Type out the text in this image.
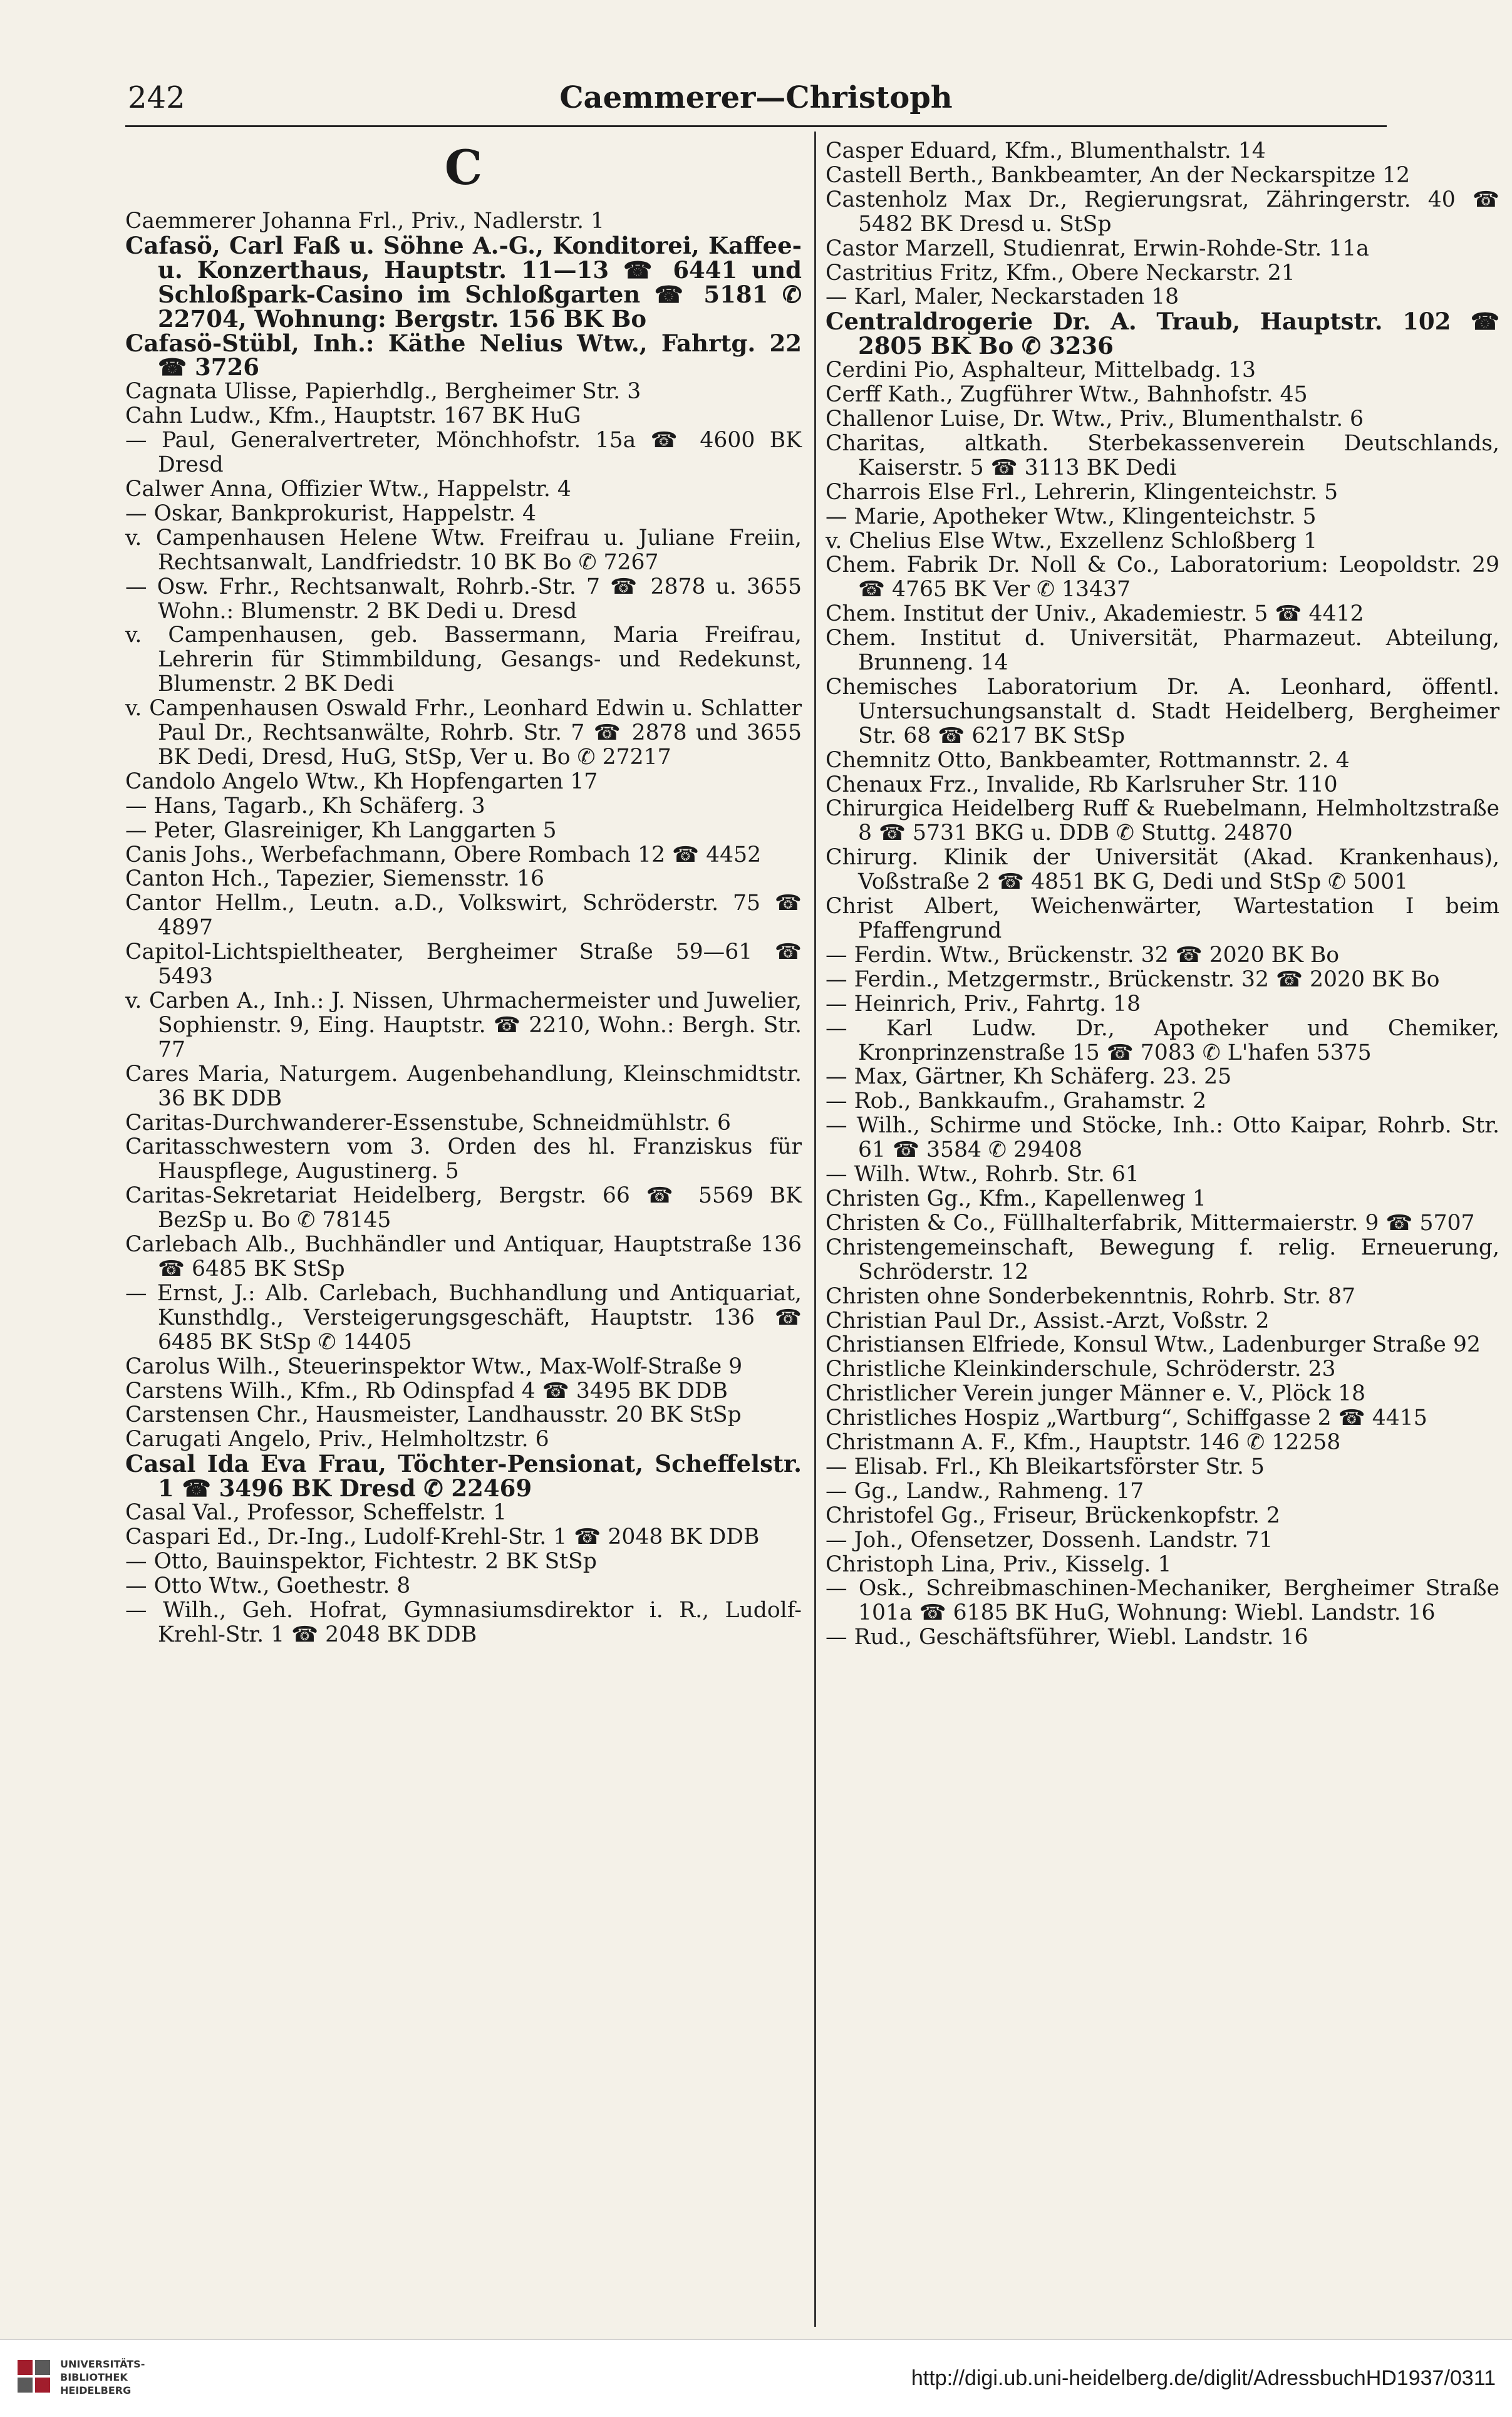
242	Caemmerer—Christoph
C

Caemmerer Johanna Frl., Priv., Nadlerstr. 1

Cafasö, Carl Faß u. Söhne A.-G., Konditorei, Kaffee- u. Konzerthaus, Hauptstr. 11—13 ☎ 6441 und Schloßpark-Casino im Schloßgarten ☎ 5181 ✆ 22704, Wohnung: Bergstr. 156 BK Bo

Cafasö-Stübl, Inh.: Käthe Nelius Wtw., Fahrtg. 22 ☎ 3726

Cagnata Ulisse, Papierhdlg., Bergheimer Str. 3

Cahn Ludw., Kfm., Hauptstr. 167 BK HuG

— Paul, Generalvertreter, Mönchhofstr. 15a ☎ 4600 BK Dresd

Calwer Anna, Offizier Wtw., Happelstr. 4

— Oskar, Bankprokurist, Happelstr. 4

v. Campenhausen Helene Wtw. Freifrau u. Juliane Freiin, Rechtsanwalt, Landfriedstr. 10 BK Bo ✆ 7267

— Osw. Frhr., Rechtsanwalt, Rohrb.-Str. 7 ☎ 2878 u. 3655 Wohn.: Blumenstr. 2 BK Dedi u. Dresd

v. Campenhausen, geb. Bassermann, Maria Freifrau, Lehrerin für Stimmbildung, Gesangs- und Redekunst, Blumenstr. 2 BK Dedi

v. Campenhausen Oswald Frhr., Leonhard Edwin u. Schlatter Paul Dr., Rechtsanwälte, Rohrb. Str. 7 ☎ 2878 und 3655 BK Dedi, Dresd, HuG, StSp, Ver u. Bo ✆ 27217

Candolo Angelo Wtw., Kh Hopfengarten 17

— Hans, Tagarb., Kh Schäferg. 3

— Peter, Glasreiniger, Kh Langgarten 5

Canis Johs., Werbefachmann, Obere Rombach 12 ☎ 4452

Canton Hch., Tapezier, Siemensstr. 16

Cantor Hellm., Leutn. a.D., Volkswirt, Schröderstr. 75 ☎ 4897

Capitol-Lichtspieltheater, Bergheimer Straße 59—61 ☎ 5493

v. Carben A., Inh.: J. Nissen, Uhrmachermeister und Juwelier, Sophienstr. 9, Eing. Hauptstr. ☎ 2210, Wohn.: Bergh. Str. 77

Cares Maria, Naturgem. Augenbehandlung, Kleinschmidtstr. 36 BK DDB

Caritas-Durchwanderer-Essenstube, Schneidmühlstr. 6

Caritasschwestern vom 3. Orden des hl. Franziskus für Hauspflege, Augustinerg. 5

Caritas-Sekretariat Heidelberg, Bergstr. 66 ☎ 5569 BK BezSp u. Bo ✆ 78145

Carlebach Alb., Buchhändler und Antiquar, Hauptstraße 136 ☎ 6485 BK StSp

— Ernst, J.: Alb. Carlebach, Buchhandlung und Antiquariat, Kunsthdlg., Versteigerungsgeschäft, Hauptstr. 136 ☎ 6485 BK StSp ✆ 14405

Carolus Wilh., Steuerinspektor Wtw., Max-Wolf-Straße 9

Carstens Wilh., Kfm., Rb Odinspfad 4 ☎ 3495 BK DDB

Carstensen Chr., Hausmeister, Landhausstr. 20 BK StSp

Carugati Angelo, Priv., Helmholtzstr. 6

Casal Ida Eva Frau, Töchter-Pensionat, Scheffelstr. 1 ☎ 3496 BK Dresd ✆ 22469

Casal Val., Professor, Scheffelstr. 1

Caspari Ed., Dr.-Ing., Ludolf-Krehl-Str. 1 ☎ 2048 BK DDB

— Otto, Bauinspektor, Fichtestr. 2 BK StSp

— Otto Wtw., Goethestr. 8

— Wilh., Geh. Hofrat, Gymnasiumsdirektor i. R., Ludolf-Krehl-Str. 1 ☎ 2048 BK DDB

Casper Eduard, Kfm., Blumenthalstr. 14

Castell Berth., Bankbeamter, An der Neckarspitze 12

Castenholz Max Dr., Regierungsrat, Zähringerstr. 40 ☎ 5482 BK Dresd u. StSp

Castor Marzell, Studienrat, Erwin-Rohde-Str. 11a

Castritius Fritz, Kfm., Obere Neckarstr. 21

— Karl, Maler, Neckarstaden 18

Centraldrogerie Dr. A. Traub, Hauptstr. 102 ☎ 2805 BK Bo ✆ 3236

Cerdini Pio, Asphalteur, Mittelbadg. 13

Cerff Kath., Zugführer Wtw., Bahnhofstr. 45

Challenor Luise, Dr. Wtw., Priv., Blumenthalstr. 6

Charitas, altkath. Sterbekassenverein Deutschlands, Kaiserstr. 5 ☎ 3113 BK Dedi

Charrois Else Frl., Lehrerin, Klingenteichstr. 5

— Marie, Apotheker Wtw., Klingenteichstr. 5

v. Chelius Else Wtw., Exzellenz Schloßberg 1

Chem. Fabrik Dr. Noll & Co., Laboratorium: Leopoldstr. 29 ☎ 4765 BK Ver ✆ 13437

Chem. Institut der Univ., Akademiestr. 5 ☎ 4412

Chem. Institut d. Universität, Pharmazeut. Abteilung, Brunneng. 14

Chemisches Laboratorium Dr. A. Leonhard, öffentl. Untersuchungsanstalt d. Stadt Heidelberg, Bergheimer Str. 68 ☎ 6217 BK StSp

Chemnitz Otto, Bankbeamter, Rottmannstr. 2. 4

Chenaux Frz., Invalide, Rb Karlsruher Str. 110

Chirurgica Heidelberg Ruff & Ruebelmann, Helmholtzstraße 8 ☎ 5731 BKG u. DDB ✆ Stuttg. 24870

Chirurg. Klinik der Universität (Akad. Krankenhaus), Voßstraße 2 ☎ 4851 BK G, Dedi und StSp ✆ 5001

Christ Albert, Weichenwärter, Wartestation I beim Pfaffengrund

— Ferdin. Wtw., Brückenstr. 32 ☎ 2020 BK Bo

— Ferdin., Metzgermstr., Brückenstr. 32 ☎ 2020 BK Bo

— Heinrich, Priv., Fahrtg. 18

— Karl Ludw. Dr., Apotheker und Chemiker, Kronprinzenstraße 15 ☎ 7083 ✆ L'hafen 5375

— Max, Gärtner, Kh Schäferg. 23. 25

— Rob., Bankkaufm., Grahamstr. 2

— Wilh., Schirme und Stöcke, Inh.: Otto Kaipar, Rohrb. Str. 61 ☎ 3584 ✆ 29408

— Wilh. Wtw., Rohrb. Str. 61

Christen Gg., Kfm., Kapellenweg 1

Christen & Co., Füllhalterfabrik, Mittermaierstr. 9 ☎ 5707

Christengemeinschaft, Bewegung f. relig. Erneuerung, Schröderstr. 12

Christen ohne Sonderbekenntnis, Rohrb. Str. 87

Christian Paul Dr., Assist.-Arzt, Voßstr. 2

Christiansen Elfriede, Konsul Wtw., Ladenburger Straße 92

Christliche Kleinkinderschule, Schröderstr. 23

Christlicher Verein junger Männer e. V., Plöck 18

Christliches Hospiz „Wartburg“, Schiffgasse 2 ☎ 4415

Christmann A. F., Kfm., Hauptstr. 146 ✆ 12258

— Elisab. Frl., Kh Bleikartsförster Str. 5

— Gg., Landw., Rahmeng. 17

Christofel Gg., Friseur, Brückenkopfstr. 2

— Joh., Ofensetzer, Dossenh. Landstr. 71

Christoph Lina, Priv., Kisselg. 1

— Osk., Schreibmaschinen-Mechaniker, Bergheimer Straße 101a ☎ 6185 BK HuG, Wohnung: Wiebl. Landstr. 16

— Rud., Geschäftsführer, Wiebl. Landstr. 16

UNIVERSITÄTS-
BIBLIOTHEK
HEIDELBERG
http://digi.ub.uni-heidelberg.de/diglit/AdressbuchHD1937/0311
